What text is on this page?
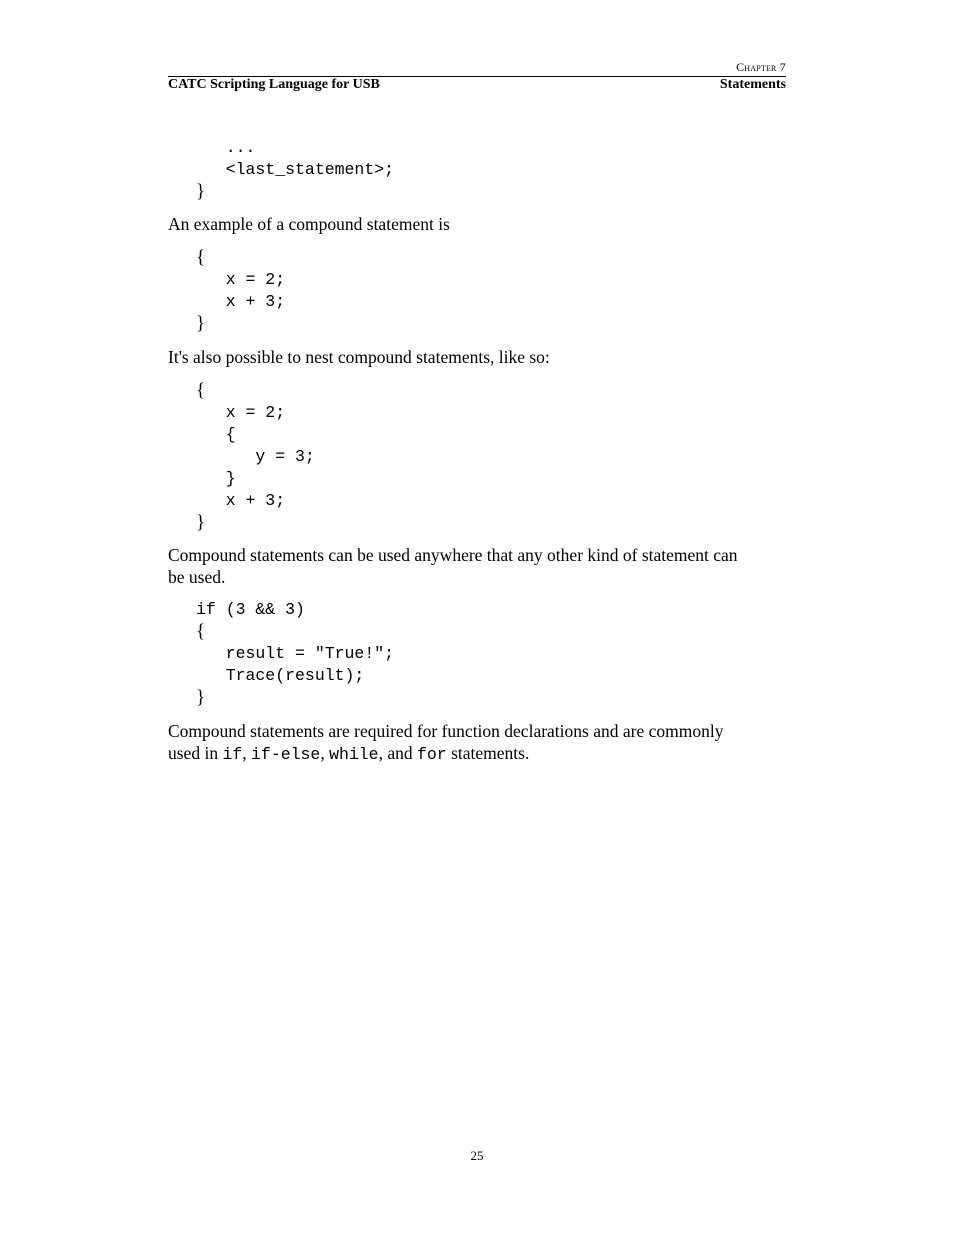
Chapter 7
CATC Scripting Language for USB	Statements
...
<last_statement>;
}
An example of a compound statement is
{
x = 2;
x + 3;
}
It's also possible to nest compound statements, like so:
{
x = 2;
{
y = 3;
}
x + 3;
}
Compound statements can be used anywhere that any other kind of statement can
be used.
if (3 && 3)
{
result = "True!";
Trace(result);
}
Compound statements are required for function declarations and are commonly
used in if, if-else, while, and for statements.
25
